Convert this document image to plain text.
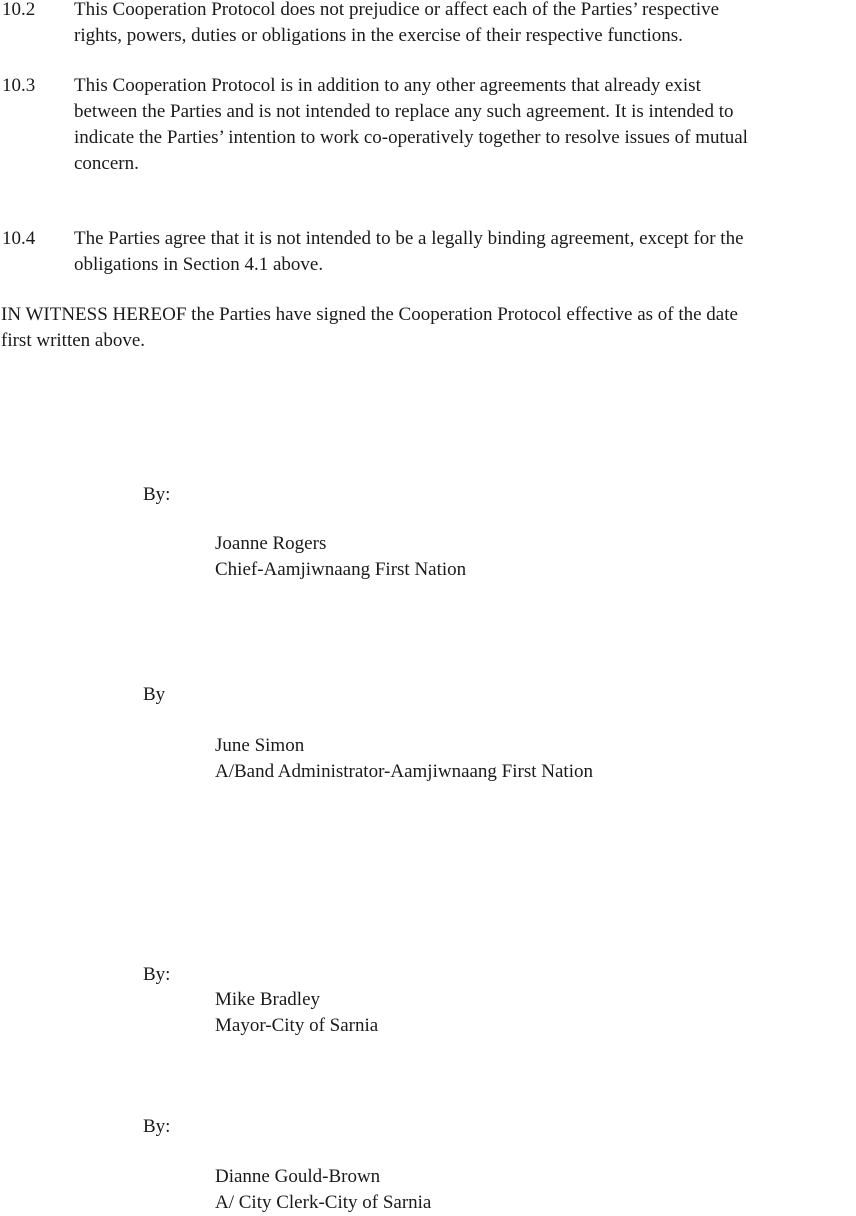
10.2 This Cooperation Protocol does not prejudice or affect each of the Parties’ respective
rights, powers, duties or obligations in the exercise of their respective functions.
10.3 This Cooperation Protocol is in addition to any other agreements that already exist
between the Parties and is not intended to replace any such agreement. It is intended to
indicate the Parties’ intention to work co-operatively together to resolve issues of mutual
concern.
10.4 The Parties agree that it is not intended to be a legally binding agreement, except for the
obligations in Section 4.1 above.
IN WITNESS HEREOF the Parties have signed the Cooperation Protocol effective as of the date
first written above.
By:
Joanne Rogers
Chief-Aamjiwnaang First Nation
By
June Simon
A/Band Administrator-Aamjiwnaang First Nation
By:
Mike Bradley
Mayor-City of Sarnia
By:
Dianne Gould-Brown
A/ City Clerk-City of Sarnia
